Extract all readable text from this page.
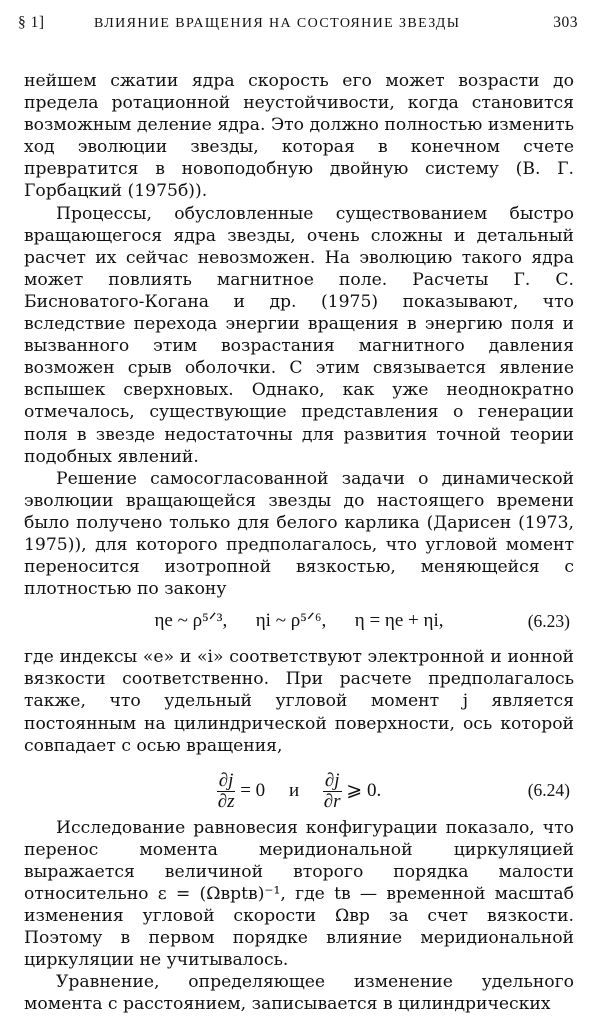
§ 1]	ВЛИЯНИЕ ВРАЩЕНИЯ НА СОСТОЯНИЕ ЗВЕЗДЫ	303

нейшем сжатии ядра скорость его может возрасти до предела ротационной неустойчивости, когда становится возможным деление ядра. Это должно полностью изменить ход эволюции звезды, которая в конечном счете превратится в новоподобную двойную систему (В. Г. Горбацкий (1975б)).

Процессы, обусловленные существованием быстро вращающегося ядра звезды, очень сложны и детальный расчет их сейчас невозможен. На эволюцию такого ядра может повлиять магнитное поле. Расчеты Г. С. Бисноватого-Когана и др. (1975) показывают, что вследствие перехода энергии вращения в энергию поля и вызванного этим возрастания магнитного давления возможен срыв оболочки. С этим связывается явление вспышек сверхновых. Однако, как уже неоднократно отмечалось, существующие представления о генерации поля в звезде недостаточны для развития точной теории подобных явлений.

Решение самосогласованной задачи о динамической эволюции вращающейся звезды до настоящего времени было получено только для белого карлика (Дарисен (1973, 1975)), для которого предполагалось, что угловой момент переносится изотропной вязкостью, меняющейся с плотностью по закону

ηe ~ ρ⁵ᐟ³, ηi ~ ρ⁵ᐟ⁶, η = ηe + ηi,	(6.23)

где индексы «e» и «i» соответствуют электронной и ионной вязкости соответственно. При расчете предполагалось также, что удельный угловой момент j является постоянным на цилиндрической поверхности, ось которой совпадает с осью вращения,

$\frac{\partial j}{\partial z} = 0$ и $\frac{\partial j}{\partial r}$ ⩾ 0.	(6.24)

Исследование равновесия конфигурации показало, что перенос момента меридиональной циркуляцией выражается величиной второго порядка малости относительно ε = (Ωврtв)⁻¹, где tв — временной масштаб изменения угловой скорости Ωвр за счет вязкости. Поэтому в первом порядке влияние меридиональной циркуляции не учитывалось.

Уравнение, определяющее изменение удельного момента с расстоянием, записывается в цилиндрических
